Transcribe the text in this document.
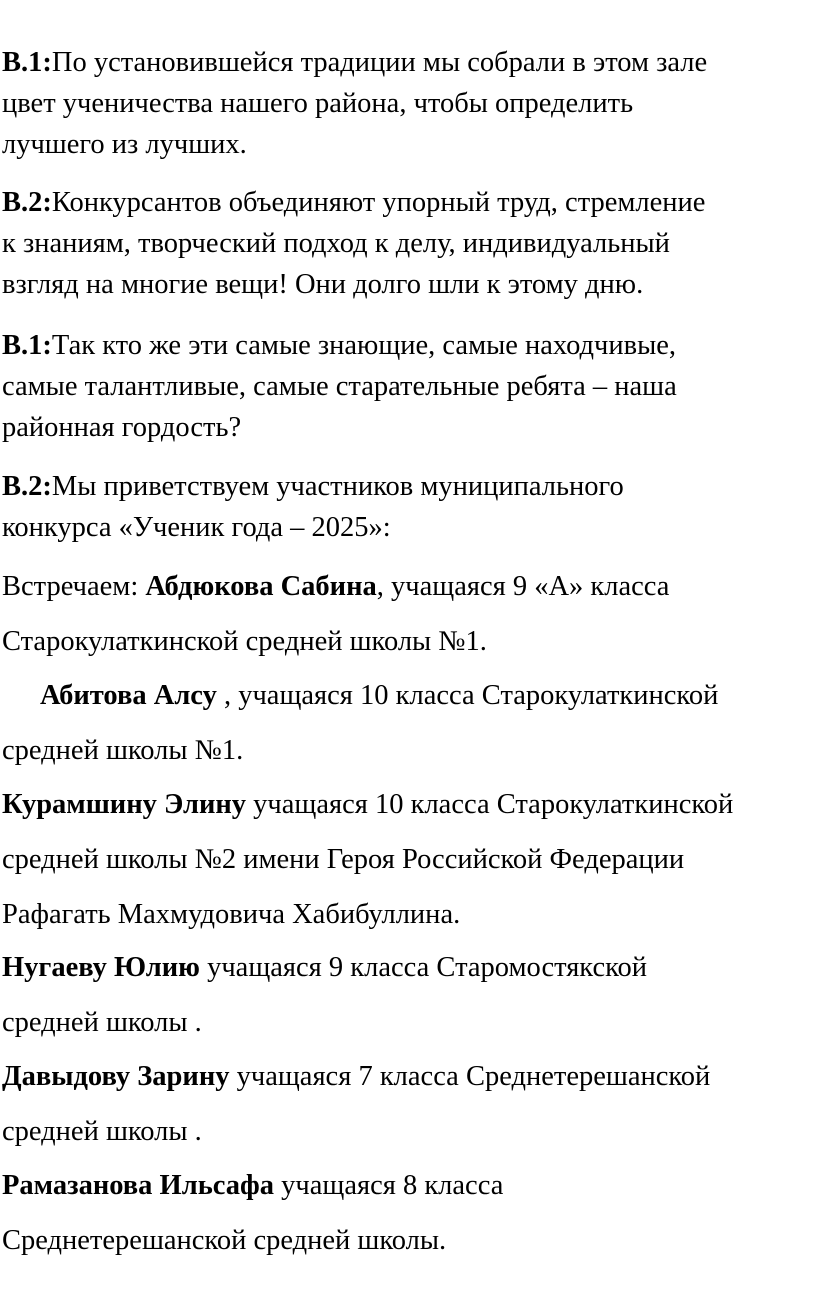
В.1:По установившейся традиции мы собрали в этом зале
цвет ученичества нашего района, чтобы определить
лучшего из лучших.
В.2:Конкурсантов объединяют упорный труд, стремление
к знаниям, творческий подход к делу, индивидуальный
взгляд на многие вещи! Они долго шли к этому дню.
В.1:Так кто же эти самые знающие, самые находчивые,
самые талантливые, самые старательные ребята – наша
районная гордость?
В.2:Мы приветствуем участников муниципального
конкурса «Ученик года – 2025»:
Встречаем: Абдюкова Сабина, учащаяся 9 «А» класса
Старокулаткинской средней школы №1.
Абитова Алсу , учащаяся 10 класса Старокулаткинской
средней школы №1.
Курамшину Элину учащаяся 10 класса Старокулаткинской
средней школы №2 имени Героя Российской Федерации
Рафагать Махмудовича Хабибуллина.
Нугаеву Юлию учащаяся 9 класса Старомостякской
средней школы .
Давыдову Зарину учащаяся 7 класса Среднетерешанской
средней школы .
Рамазанова Ильсафа учащаяся 8 класса
Среднетерешанской средней школы.
